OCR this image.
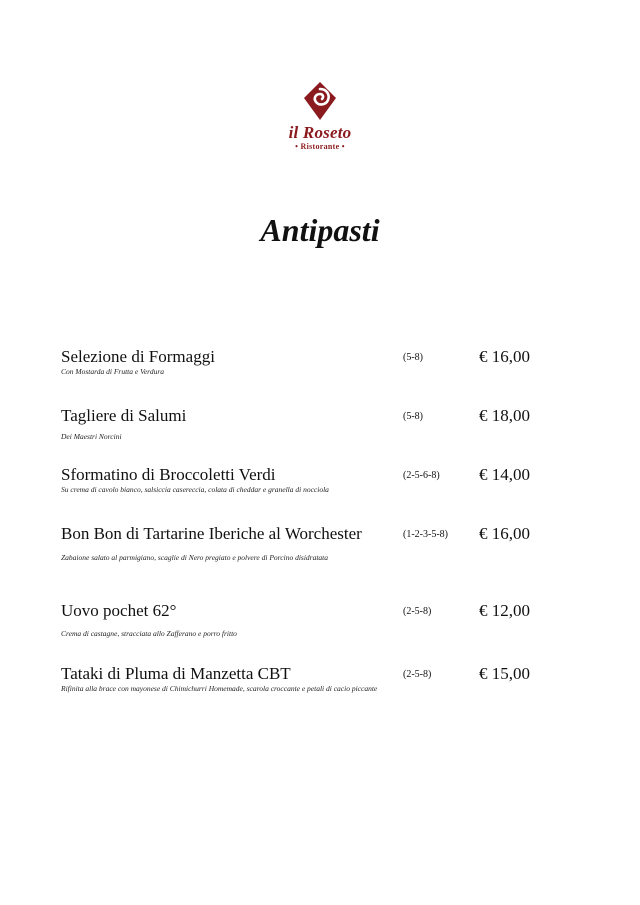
il Roseto
• Ristorante •
Antipasti
Selezione di Formaggi	(5-8)	€ 16,00
Con Mostarda di Frutta e Verdura
Tagliere di Salumi	(5-8)	€ 18,00
Dei Maestri Norcini
Sformatino di Broccoletti Verdi	(2-5-6-8) € 14,00
Su crema di cavolo bianco, salsiccia casereccia, colata di cheddar e granella di nocciola
Bon Bon di Tartarine Iberiche al Worchester	(1-2-3-5-8) € 16,00
Zabaione salato al parmigiano, scaglie di Nero pregiato e polvere di Porcino disidratata
Uovo pochet 62°	(2-5-8)	€ 12,00
Crema di castagne, stracciata allo Zafferano e porro fritto
Tataki di Pluma di Manzetta CBT	(2-5-8)	€ 15,00
Rifinita alla brace con mayonese di Chimichurri Homemade, scarola croccante e petali di cacio piccante
